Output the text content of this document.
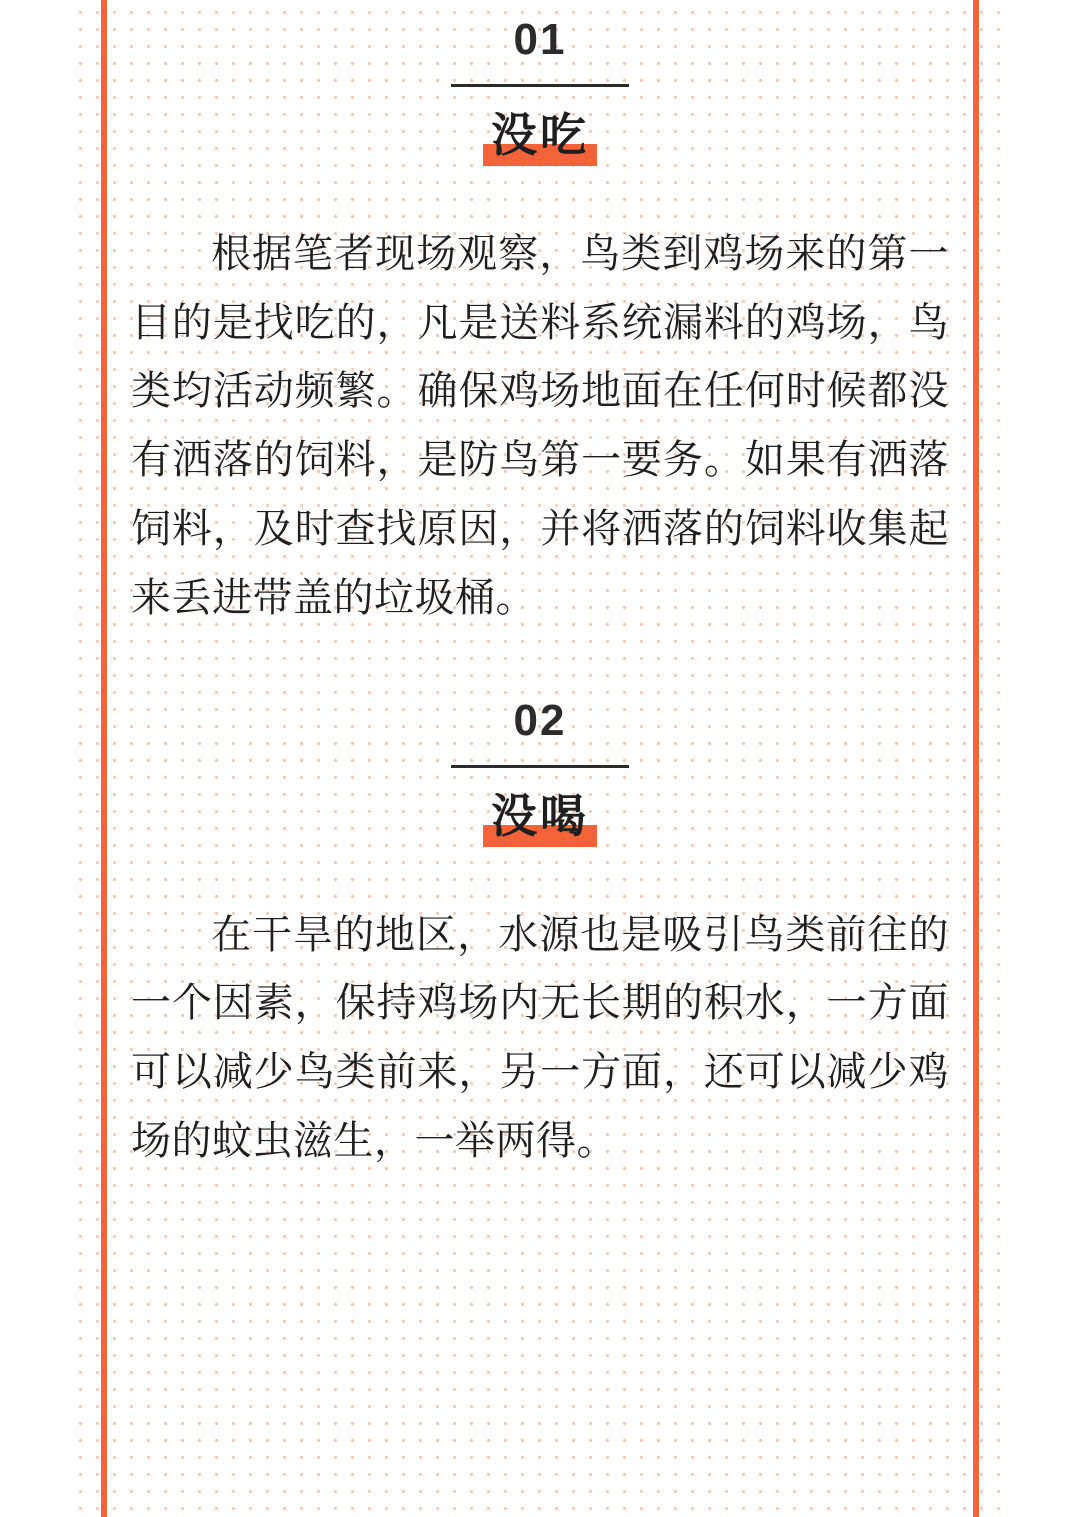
01
没吃
根据笔者现场观察，鸟类到鸡场来的第一目的是找吃的，凡是送料系统漏料的鸡场，鸟类均活动频繁。确保鸡场地面在任何时候都没有洒落的饲料，是防鸟第一要务。如果有洒落饲料，及时查找原因，并将洒落的饲料收集起来丢进带盖的垃圾桶。
02
没喝
在干旱的地区，水源也是吸引鸟类前往的一个因素，保持鸡场内无长期的积水，一方面可以减少鸟类前来，另一方面，还可以减少鸡场的蚊虫滋生，一举两得。
